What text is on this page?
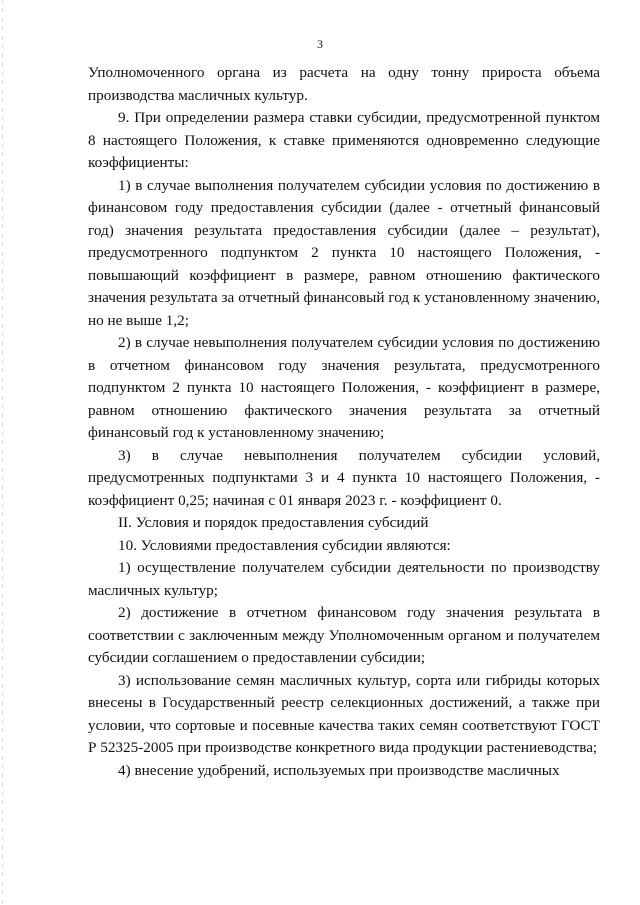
3

Уполномоченного органа из расчета на одну тонну прироста объема производства масличных культур.

9. При определении размера ставки субсидии, предусмотренной пунктом 8 настоящего Положения, к ставке применяются одновременно следующие коэффициенты:

1) в случае выполнения получателем субсидии условия по достижению в финансовом году предоставления субсидии (далее - отчетный финансовый год) значения результата предоставления субсидии (далее – результат), предусмотренного подпунктом 2 пункта 10 настоящего Положения, - повышающий коэффициент в размере, равном отношению фактического значения результата за отчетный финансовый год к установленному значению, но не выше 1,2;

2) в случае невыполнения получателем субсидии условия по достижению в отчетном финансовом году значения результата, предусмотренного подпунктом 2 пункта 10 настоящего Положения, - коэффициент в размере, равном отношению фактического значения результата за отчетный финансовый год к установленному значению;

3) в случае невыполнения получателем субсидии условий, предусмотренных подпунктами 3 и 4 пункта 10 настоящего Положения, - коэффициент 0,25; начиная с 01 января 2023 г. - коэффициент 0.

II. Условия и порядок предоставления субсидий

10. Условиями предоставления субсидии являются:

1) осуществление получателем субсидии деятельности по производству масличных культур;

2) достижение в отчетном финансовом году значения результата в соответствии с заключенным между Уполномоченным органом и получателем субсидии соглашением о предоставлении субсидии;

3) использование семян масличных культур, сорта или гибриды которых внесены в Государственный реестр селекционных достижений, а также при условии, что сортовые и посевные качества таких семян соответствуют ГОСТ Р 52325-2005 при производстве конкретного вида продукции растениеводства;

4) внесение удобрений, используемых при производстве масличных
